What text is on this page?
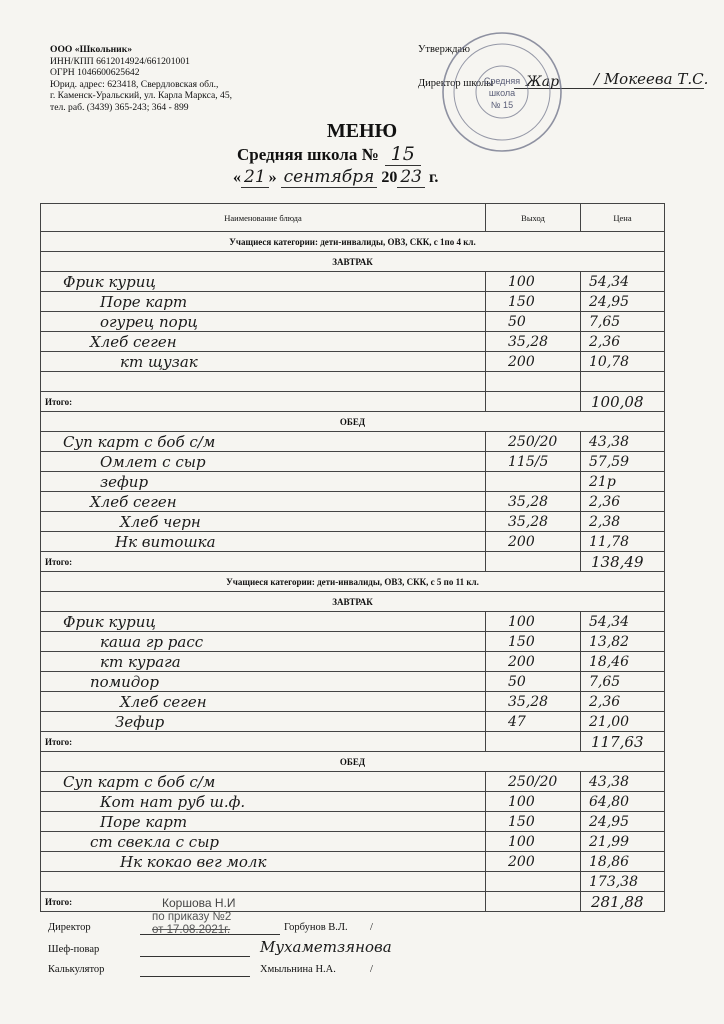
ООО «Школьник»
ИНН/КПП 6612014924/661201001
ОГРН 1046600625642
Юрид. адрес: 623418, Свердловская обл.,
г. Каменск-Уральский, ул. Карла Маркса, 45,
тел. раб. (3439) 365-243; 364 - 899
Утверждаю
Директор школы Жар / Мокеева Т.С.
Средняя
школа
№ 15
МЕНЮ
Средняя школа № 15
« 21 » сентября 20 23 г.
Наименование блюда	Выход	Цена
Учащиеся категории: дети-инвалиды, ОВЗ, СКК, с 1по 4 кл.		
ЗАВТРАК		
Фрик куриц	100	54,34
Поре карт	150	24,95
огурец порц	50	7,65
Хлеб сеген	35,28	2,36
кт щузак	200	10,78

Итого:		100,08
ОБЕД		
Суп карт с боб с/м	250/20	43,38
Омлет с сыр	115/5	57,59
зефир		21р
Хлеб сеген	35,28	2,36
Хлеб черн	35,28	2,38
Нк витошка	200	11,78
Итого:		138,49
Учащиеся категории: дети-инвалиды, ОВЗ, СКК, с 5 по 11 кл.		
ЗАВТРАК		
Фрик куриц	100	54,34
каша гр расс	150	13,82
кт курага	200	18,46
помидор	50	7,65
Хлеб сеген	35,28	2,36
Зефир	47	21,00
Итого:		117,63
ОБЕД		
Суп карт с боб с/м	250/20	43,38
Кот нат руб ш.ф.	100	64,80
Поре карт	150	24,95
ст свекла с сыр	100	21,99
Нк кокао вег молк	200	18,86
		173,38
Итого:		281,88
Коршова Н.И
по приказу №2
от 17.08.2021г.
Директор	Горбунов В.Л. /
Шеф-повар	Мухаметзянова
Калькулятор	Хмыльнина Н.А.	/
